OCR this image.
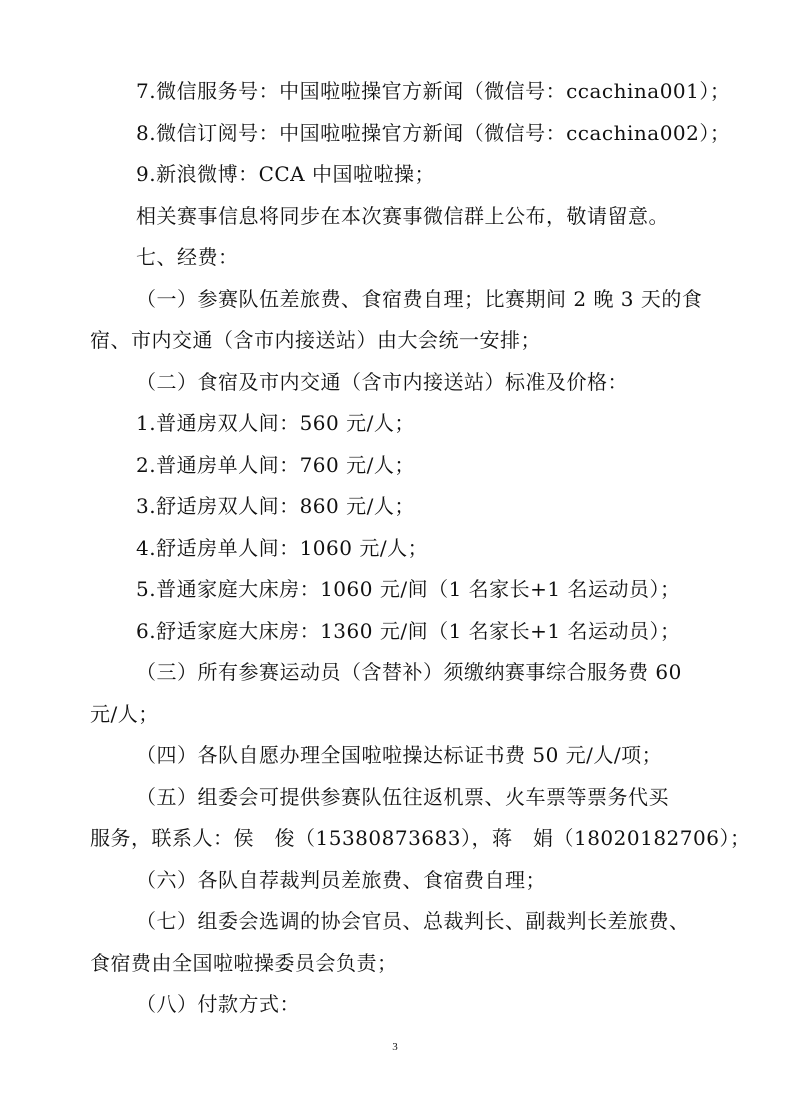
7.微信服务号：中国啦啦操官方新闻（微信号：ccachina001）；
8.微信订阅号：中国啦啦操官方新闻（微信号：ccachina002）；
9.新浪微博：CCA 中国啦啦操；
相关赛事信息将同步在本次赛事微信群上公布，敬请留意。
七、经费：
（一）参赛队伍差旅费、食宿费自理；比赛期间 2 晚 3 天的食
宿、市内交通（含市内接送站）由大会统一安排；
（二）食宿及市内交通（含市内接送站）标准及价格：
1.普通房双人间：560 元/人；
2.普通房单人间：760 元/人；
3.舒适房双人间：860 元/人；
4.舒适房单人间：1060 元/人；
5.普通家庭大床房：1060 元/间（1 名家长+1 名运动员）；
6.舒适家庭大床房：1360 元/间（1 名家长+1 名运动员）；
（三）所有参赛运动员（含替补）须缴纳赛事综合服务费 60
元/人；
（四）各队自愿办理全国啦啦操达标证书费 50 元/人/项；
（五）组委会可提供参赛队伍往返机票、火车票等票务代买
服务，联系人：侯　俊（15380873683），蒋　娟（18020182706）；
（六）各队自荐裁判员差旅费、食宿费自理；
（七）组委会选调的协会官员、总裁判长、副裁判长差旅费、
食宿费由全国啦啦操委员会负责；
（八）付款方式：
3
